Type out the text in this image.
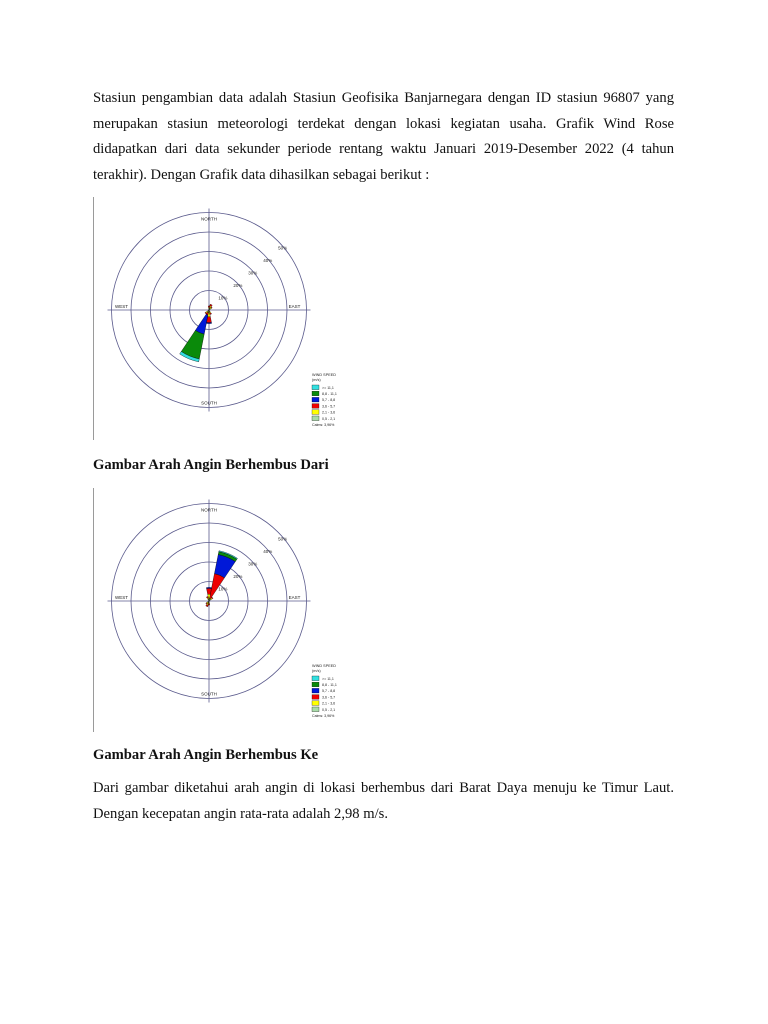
Stasiun pengambian data adalah Stasiun Geofisika Banjarnegara dengan ID stasiun 96807 yang merupakan stasiun meteorologi terdekat dengan lokasi kegiatan usaha. Grafik Wind Rose didapatkan dari data sekunder periode rentang waktu Januari 2019-Desember 2022 (4 tahun terakhir). Dengan Grafik data dihasilkan sebagai berikut :

NORTH
SOUTH
EAST
WEST
10%
20%
30%
40%
50%
WIND SPEED
(m/s)
>= 11,1
8,8 - 11,1
5,7 - 8,8
3,6 - 5,7
2,1 - 3,6
0,5 - 2,1
Calms: 3,96%

Gambar Arah Angin Berhembus Dari

NORTH
SOUTH
EAST
WEST
10%
20%
30%
40%
50%
WIND SPEED
(m/s)
>= 11,1
8,8 - 11,1
5,7 - 8,8
3,6 - 5,7
2,1 - 3,6
0,5 - 2,1
Calms: 3,96%

Gambar Arah Angin Berhembus Ke

Dari gambar diketahui arah angin di lokasi berhembus dari Barat Daya menuju ke Timur Laut. Dengan kecepatan angin rata-rata adalah 2,98 m/s.
